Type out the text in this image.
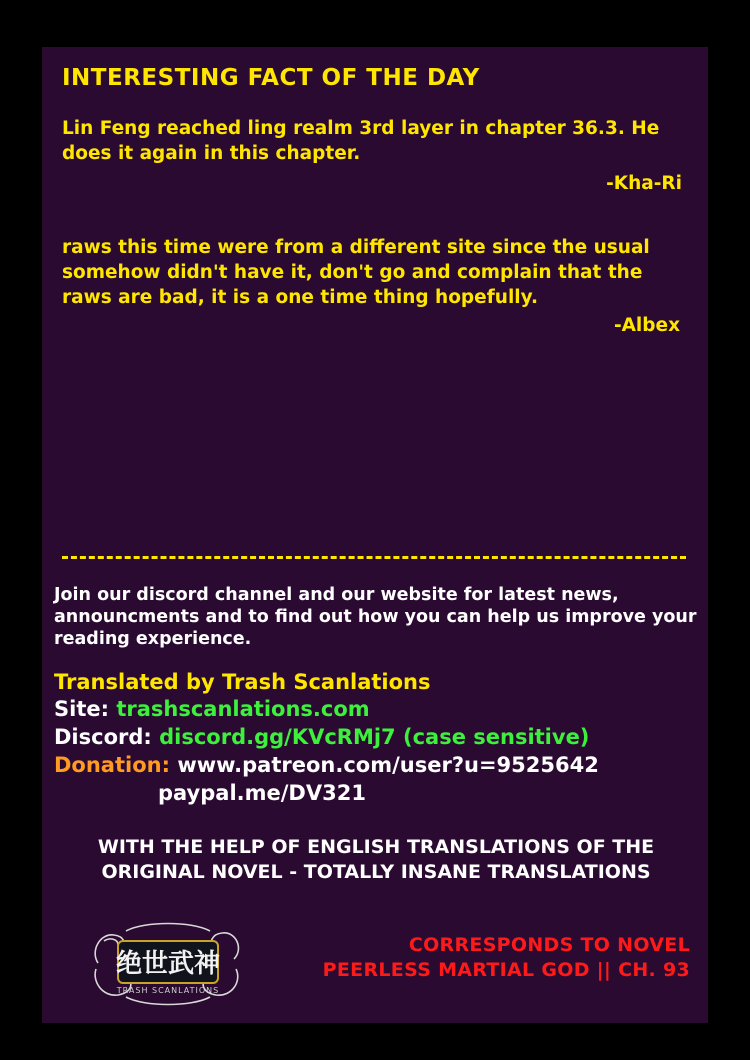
INTERESTING FACT OF THE DAY

Lin Feng reached ling realm 3rd layer in chapter 36.3. He does it again in this chapter.

-Kha-Ri

raws this time were from a different site since the usual somehow didn't have it, don't go and complain that the raws are bad, it is a one time thing hopefully.

-Albex

Join our discord channel and our website for latest news, announcments and to find out how you can help us improve your reading experience.

Translated by Trash Scanlations
Site: trashscanlations.com
Discord: discord.gg/KVcRMj7 (case sensitive)
Donation: www.patreon.com/user?u=9525642
paypal.me/DV321

WITH THE HELP OF ENGLISH TRANSLATIONS OF THE
ORIGINAL NOVEL - TOTALLY INSANE TRANSLATIONS

绝世武神
TRASH SCANLATIONS
CORRESPONDS TO NOVEL
PEERLESS MARTIAL GOD || CH. 93
